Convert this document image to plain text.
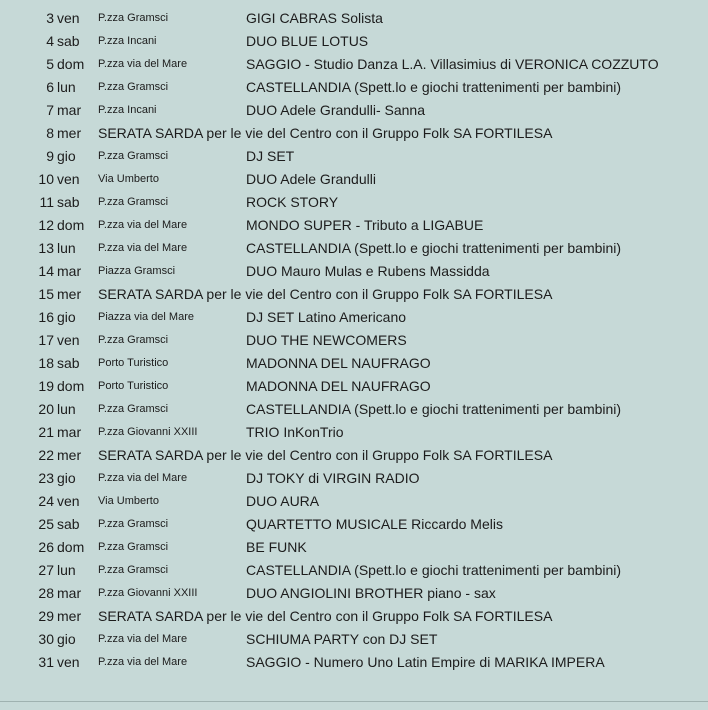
3 ven P.zza Gramsci	GIGI CABRAS Solista
4 sab P.zza Incani	DUO BLUE LOTUS
5 dom P.zza via del Mare	SAGGIO - Studio Danza L.A. Villasimius di VERONICA COZZUTO
6 lun P.zza Gramsci	CASTELLANDIA (Spett.lo e giochi trattenimenti per bambini)
7 mar P.zza Incani	DUO Adele Grandulli- Sanna
8 mer SERATA SARDA per le vie del Centro con il Gruppo Folk SA FORTILESA
9 gio P.zza Gramsci	DJ SET
10 ven Via Umberto	DUO Adele Grandulli
11 sab P.zza Gramsci	ROCK STORY
12 dom P.zza via del Mare	MONDO SUPER - Tributo a LIGABUE
13 lun P.zza via del Mare	CASTELLANDIA (Spett.lo e giochi trattenimenti per bambini)
14 mar Piazza Gramsci	DUO Mauro Mulas e Rubens Massidda
15 mer SERATA SARDA per le vie del Centro con il Gruppo Folk SA FORTILESA
16 gio Piazza via del Mare	DJ SET Latino Americano
17 ven P.zza Gramsci	DUO THE NEWCOMERS
18 sab Porto Turistico	MADONNA DEL NAUFRAGO
19 dom Porto Turistico	MADONNA DEL NAUFRAGO
20 lun P.zza Gramsci	CASTELLANDIA (Spett.lo e giochi trattenimenti per bambini)
21 mar P.zza Giovanni XXIII	TRIO InKonTrio
22 mer SERATA SARDA per le vie del Centro con il Gruppo Folk SA FORTILESA
23 gio P.zza via del Mare	DJ TOKY di VIRGIN RADIO
24 ven Via Umberto	DUO AURA
25 sab P.zza Gramsci	QUARTETTO MUSICALE Riccardo Melis
26 dom P.zza Gramsci	BE FUNK
27 lun P.zza Gramsci	CASTELLANDIA (Spett.lo e giochi trattenimenti per bambini)
28 mar P.zza Giovanni XXIII	DUO ANGIOLINI BROTHER piano - sax
29 mer SERATA SARDA per le vie del Centro con il Gruppo Folk SA FORTILESA
30 gio P.zza via del Mare	SCHIUMA PARTY con DJ SET
31 ven P.zza via del Mare	SAGGIO - Numero Uno Latin Empire di MARIKA IMPERA
